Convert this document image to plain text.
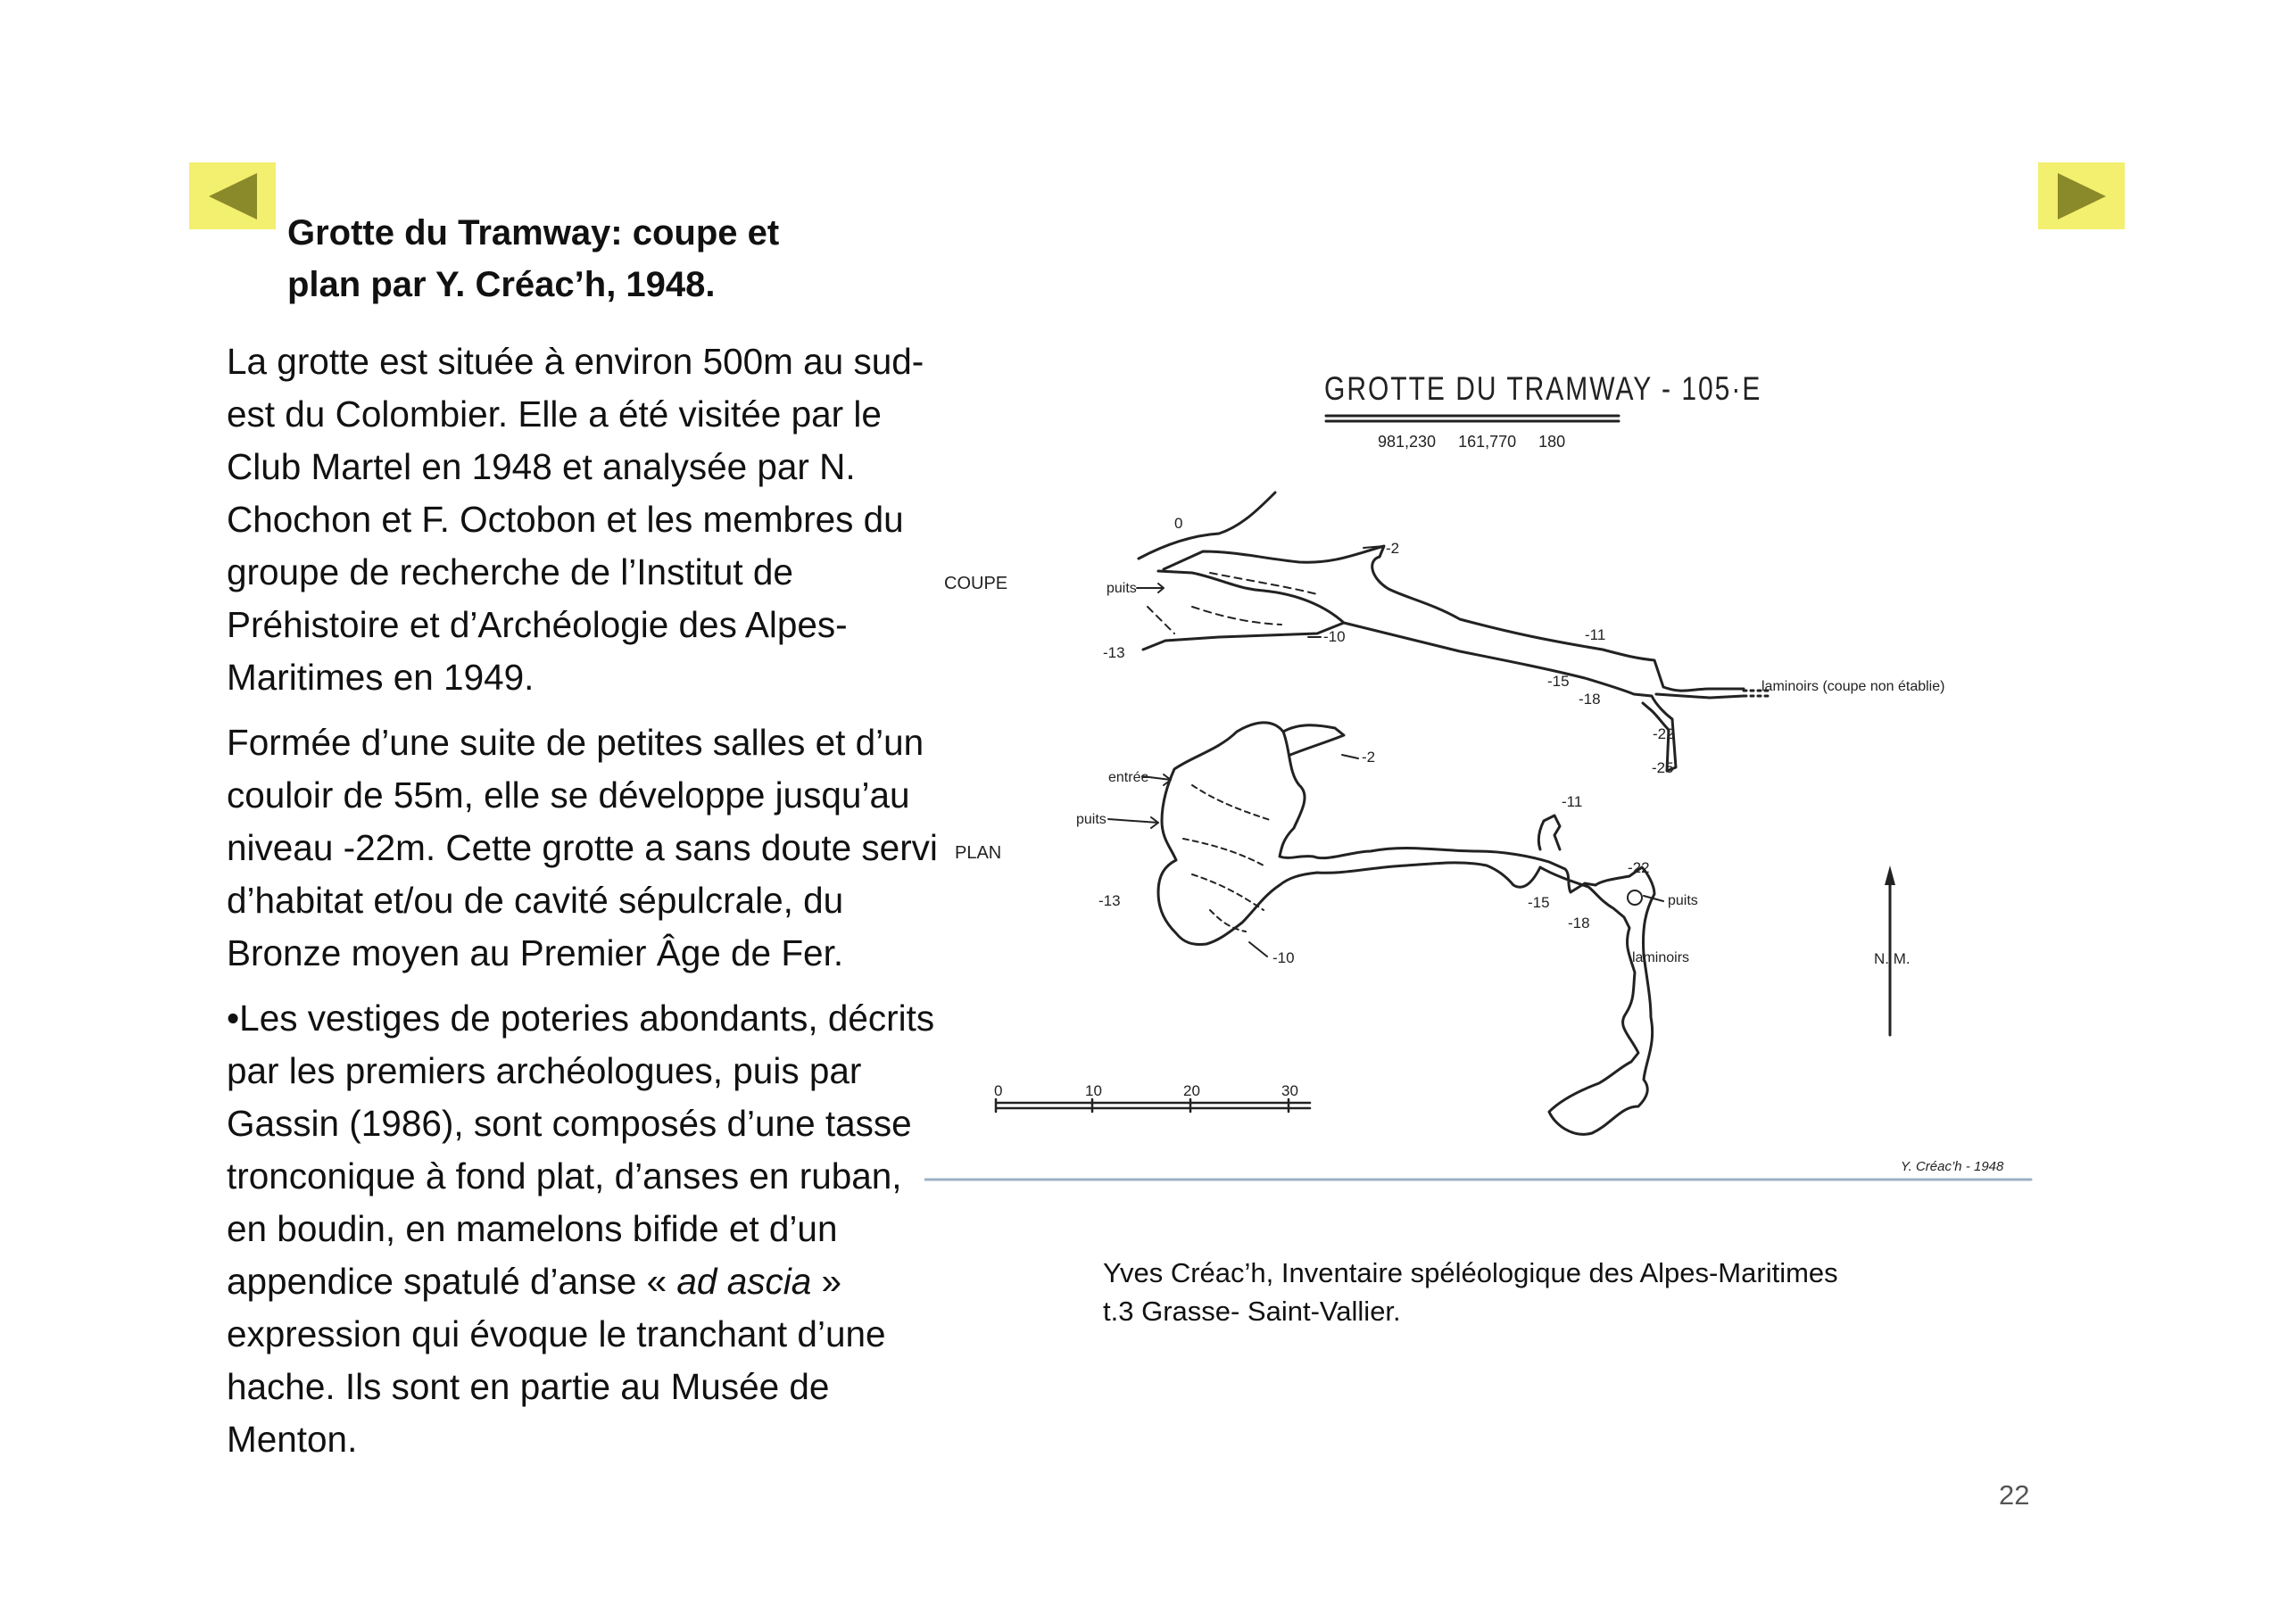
Grotte du Tramway: coupe et
plan par Y. Créac’h, 1948.

La grotte est située à environ 500m au sud-est du Colombier. Elle a été visitée par le Club Martel en 1948 et analysée par N. Chochon et F. Octobon et les membres du groupe de recherche de l’Institut de Préhistoire et d’Archéologie des Alpes-Maritimes en 1949.

Formée d’une suite de petites salles et d’un couloir de 55m, elle se développe jusqu’au niveau -22m. Cette grotte a sans doute servi d’habitat et/ou de cavité sépulcrale, du Bronze moyen au Premier Âge de Fer.

•Les vestiges de poteries abondants, décrits par les premiers archéologues, puis par Gassin (1986), sont composés d’une tasse tronconique à fond plat, d’anses en ruban, en boudin, en mamelons bifide et d’un appendice spatulé d’anse « ad ascia » expression qui évoque le tranchant d’une hache. Ils sont en partie au Musée de Menton.

GROTTE DU TRAMWAY - 105·E
981,230     161,770     180
COUPE
PLAN
0
-2
puits
-10
-13
-11
-15
-18
laminoirs (coupe non établie)
-22
-25
-2
entrée
puits
-11
-13
-10
-15
-18
-22
puits
laminoirs	N. M.
0	10	20	30
Y. Créac’h - 1948
Yves Créac’h, Inventaire spéléologique des Alpes-Maritimes
t.3 Grasse- Saint-Vallier.
22
